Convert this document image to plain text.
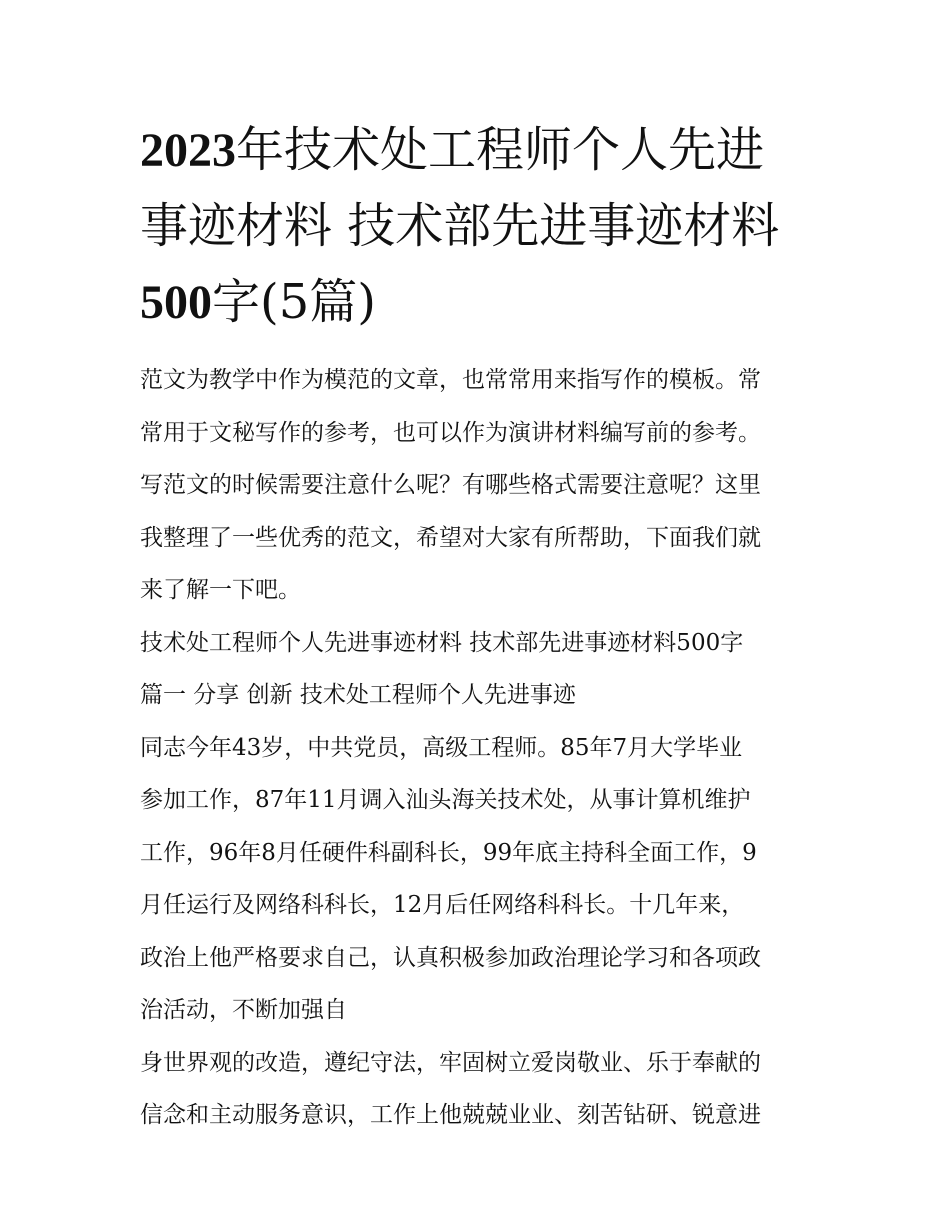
2023年技术处工程师个人先进
事迹材料 技术部先进事迹材料
500字(5篇)
范文为教学中作为模范的文章，也常常用来指写作的模板。常
常用于文秘写作的参考，也可以作为演讲材料编写前的参考。
写范文的时候需要注意什么呢？有哪些格式需要注意呢？这里
我整理了一些优秀的范文，希望对大家有所帮助，下面我们就
来了解一下吧。
技术处工程师个人先进事迹材料 技术部先进事迹材料500字
篇一 分享 创新 技术处工程师个人先进事迹
同志今年43岁，中共党员，高级工程师。85年7月大学毕业
参加工作，87年11月调入汕头海关技术处，从事计算机维护
工作，96年8月任硬件科副科长，99年底主持科全面工作，9
月任运行及网络科科长，12月后任网络科科长。十几年来，
政治上他严格要求自己，认真积极参加政治理论学习和各项政
治活动，不断加强自
身世界观的改造，遵纪守法，牢固树立爱岗敬业、乐于奉献的
信念和主动服务意识，工作上他兢兢业业、刻苦钻研、锐意进
